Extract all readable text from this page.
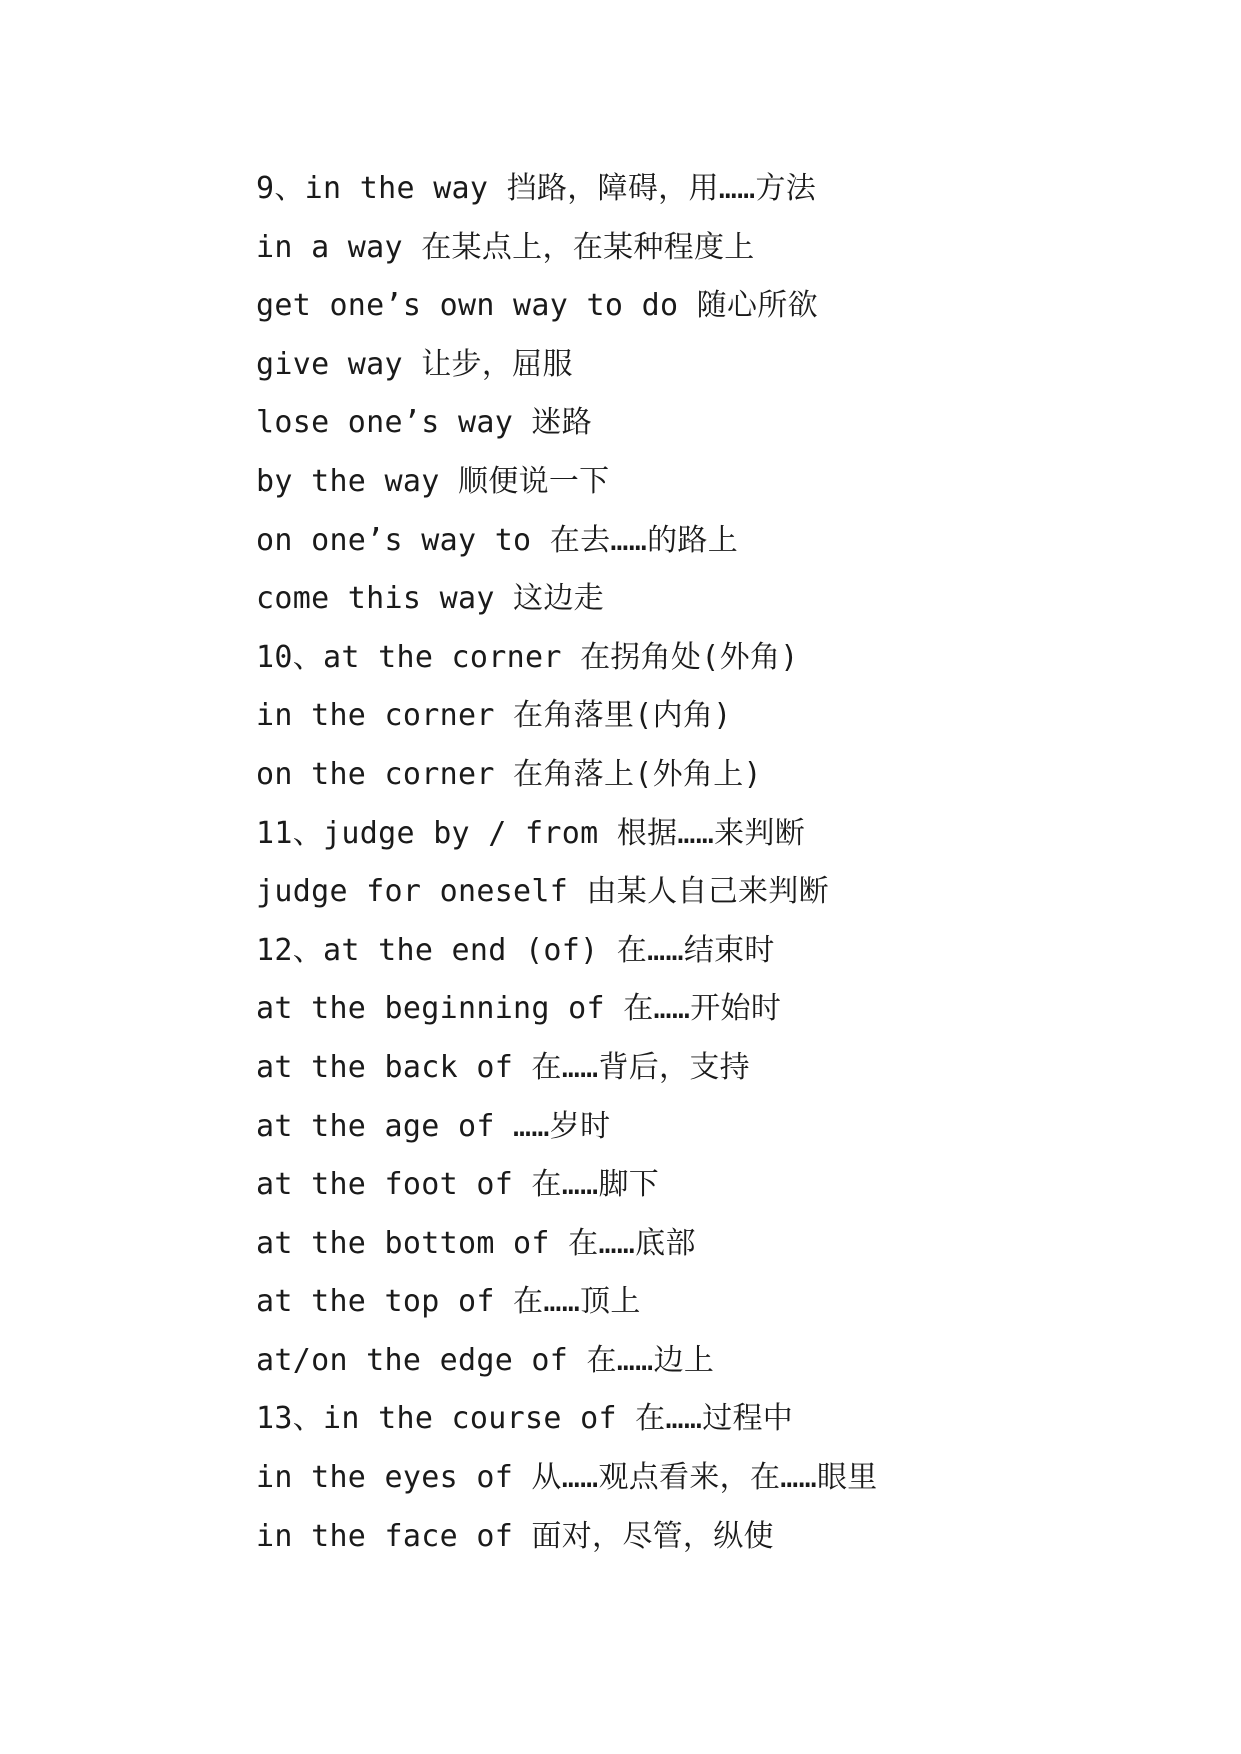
9、in the way 挡路，障碍，用……方法
in a way 在某点上，在某种程度上
get one’s own way to do 随心所欲
give way 让步，屈服
lose one’s way 迷路
by the way 顺便说一下
on one’s way to 在去……的路上
come this way 这边走
10、at the corner 在拐角处(外角)
in the corner 在角落里(内角)
on the corner 在角落上(外角上)
11、judge by / from 根据……来判断
judge for oneself 由某人自己来判断
12、at the end (of) 在……结束时
at the beginning of 在……开始时
at the back of 在……背后，支持
at the age of ……岁时
at the foot of 在……脚下
at the bottom of 在……底部
at the top of 在……顶上
at/on the edge of 在……边上
13、in the course of 在……过程中
in the eyes of 从……观点看来，在……眼里
in the face of 面对，尽管，纵使
